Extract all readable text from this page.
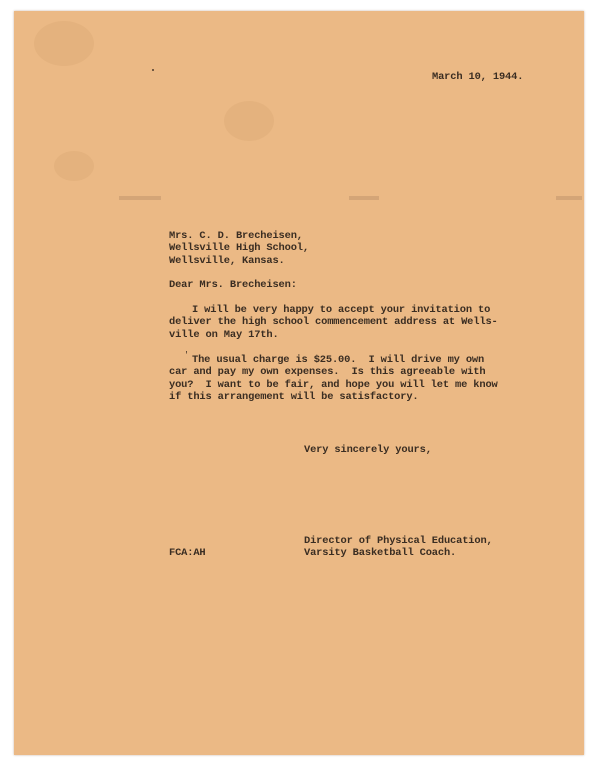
March 10, 1944.
Mrs. C. D. Brecheisen,
Wellsville High School,
Wellsville, Kansas.
Dear Mrs. Brecheisen:
I will be very happy to accept your invitation to
deliver the high school commencement address at Wells-
ville on May 17th.
' The usual charge is $25.00.  I will drive my own
car and pay my own expenses.  Is this agreeable with
you?  I want to be fair, and hope you will let me know
if this arrangement will be satisfactory.
Very sincerely yours,
Director of Physical Education,
Varsity Basketball Coach.
FCA:AH
